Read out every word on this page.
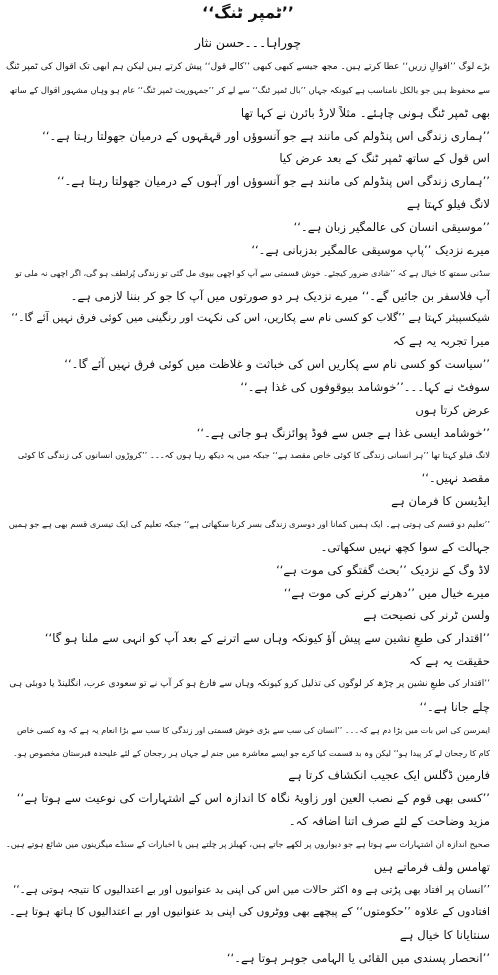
’’ٹمپر ٹنگ‘‘
چوراہا۔۔۔حسن نثار
بڑے لوگ ’’اقوالِ زریں‘‘ عطا کرتے ہیں۔ مجھ جیسے کبھی کبھی ’’کالے قول‘‘ پیش کرتے ہیں لیکن ہم ابھی تک اقوال کی ٹمپر ٹنگ
سے محفوظ ہیں جو بالکل نامناسب ہے کیونکہ جہاں ’’بال ٹمپر ٹنگ‘‘ سے لے کر ’’جمہوریت ٹمپر ٹنگ‘‘ عام ہو وہاں مشہور اقوال کے ساتھ
بھی ٹمپر ٹنگ ہونی چاہئے۔ مثلاً لارڈ بائرن نے کہا تھا
’’ہماری زندگی اس پنڈولم کی مانند ہے جو آنسوؤں اور قہقہوں کے درمیان جھولتا رہتا ہے۔‘‘
اس قول کے ساتھ ٹمپر ٹنگ کے بعد عرض کیا
’’ہماری زندگی اس پنڈولم کی مانند ہے جو آنسوؤں اور آہوں کے درمیان جھولتا رہتا ہے۔‘‘
لانگ فیلو کہتا ہے
’’موسیقی انسان کی عالمگیر زبان ہے۔‘‘
میرے نزدیک ’’پاپ موسیقی عالمگیر بدزبانی ہے۔‘‘
سڈنی سمتھ کا خیال ہے کہ ’’شادی ضرور کیجئے۔ خوش قسمتی سے آپ کو اچھی بیوی مل گئی تو زندگی پُرلطف ہو گی، اگر اچھی نہ ملی تو
آپ فلاسفر بن جائیں گے۔‘‘ میرے نزدیک ہر دو صورتوں میں آپ کا جو کر بننا لازمی ہے۔
شیکسپیئر کہتا ہے ’’گلاب کو کسی نام سے پکاریں، اس کی نکہت اور رنگینی میں کوئی فرق نہیں آئے گا۔‘‘
میرا تجربہ یہ ہے کہ
’’سیاست کو کسی نام سے پکاریں اس کی خباثت و غلاظت میں کوئی فرق نہیں آئے گا۔‘‘
سوفٹ نے کہا۔۔۔’’خوشامد بیوقوفوں کی غذا ہے۔‘‘
عرض کرتا ہوں
’’خوشامد ایسی غذا ہے جس سے فوڈ پوائزنگ ہو جاتی ہے۔‘‘
لانگ فیلو کہتا تھا ’’ہر انسانی زندگی کا کوئی خاص مقصد ہے‘‘ جبکہ میں یہ دیکھ رہا ہوں کہ۔۔۔ ’’کروڑوں انسانوں کی زندگی کا کوئی
مقصد نہیں۔‘‘
ایڈیسن کا فرمان ہے
’’تعلیم دو قسم کی ہوتی ہے۔ ایک ہمیں کمانا اور دوسری زندگی بسر کرنا سکھاتی ہے‘‘ جبکہ تعلیم کی ایک تیسری قسم بھی ہے جو ہمیں
جہالت کے سوا کچھ نہیں سکھاتی۔
لاڈ وگ کے نزدیک ’’بحث گفتگو کی موت ہے‘‘
میرے خیال میں ’’دھرنے کرنے کی موت ہے‘‘
ولسن ٹرنر کی نصیحت ہے
’’اقتدار کی طبعِ نشین سے پیش آؤ کیونکہ وہاں سے اترنے کے بعد آپ کو انہی سے ملنا ہو گا‘‘
حقیقت یہ ہے کہ
’’اقتدار کی طبعِ نشین پر چڑھ کر لوگوں کی تذلیل کرو کیونکہ وہاں سے فارغ ہو کر آپ نے تو سعودی عرب، انگلینڈ یا دوبئی ہی
چلے جانا ہے۔‘‘
ایمرسن کی اس بات میں بڑا دم ہے کہ۔۔۔ ’’انسان کی سب سے بڑی خوش قسمتی اور زندگی کا سب سے بڑا انعام یہ ہے کہ وہ کسی خاص
کام کا رجحان لے کر پیدا ہو‘‘ لیکن وہ بد قسمت کیا کرے جو ایسے معاشرہ میں جنم لے جہاں ہر رجحان کے لئے علیحدہ قبرستان مخصوص ہو۔
فارمین ڈگلس ایک عجیب انکشاف کرتا ہے
’’کسی بھی قوم کے نصب العین اور زاویۂ نگاہ کا اندازہ اس کے اشتہارات کی نوعیت سے ہوتا ہے‘‘
مزید وضاحت کے لئے صرف اتنا اضافہ کہ۔
صحیح اندازہ ان اشتہارات سے ہوتا ہے جو دیواروں پر لکھے جاتے ہیں، کھیلز پر چلتے ہیں یا اخبارات کے سنڈے میگزینوں میں شائع ہوتے ہیں۔
تھامس ولف فرماتے ہیں
’’انسان پر افتاد بھی پڑتی ہے وہ اکثر حالات میں اس کی اپنی بد عنوانیوں اور بے اعتدالیوں کا نتیجہ ہوتی ہے۔‘‘
افتادوں کے علاوہ ’’حکومتوں‘‘ کے پیچھے بھی ووٹروں کی اپنی بد عنوانیوں اور بے اعتدالیوں کا ہاتھ ہوتا ہے۔
سنتایانا کا خیال ہے
’’انحصار پسندی میں القائی یا الہامی جوہر ہوتا ہے۔‘‘
